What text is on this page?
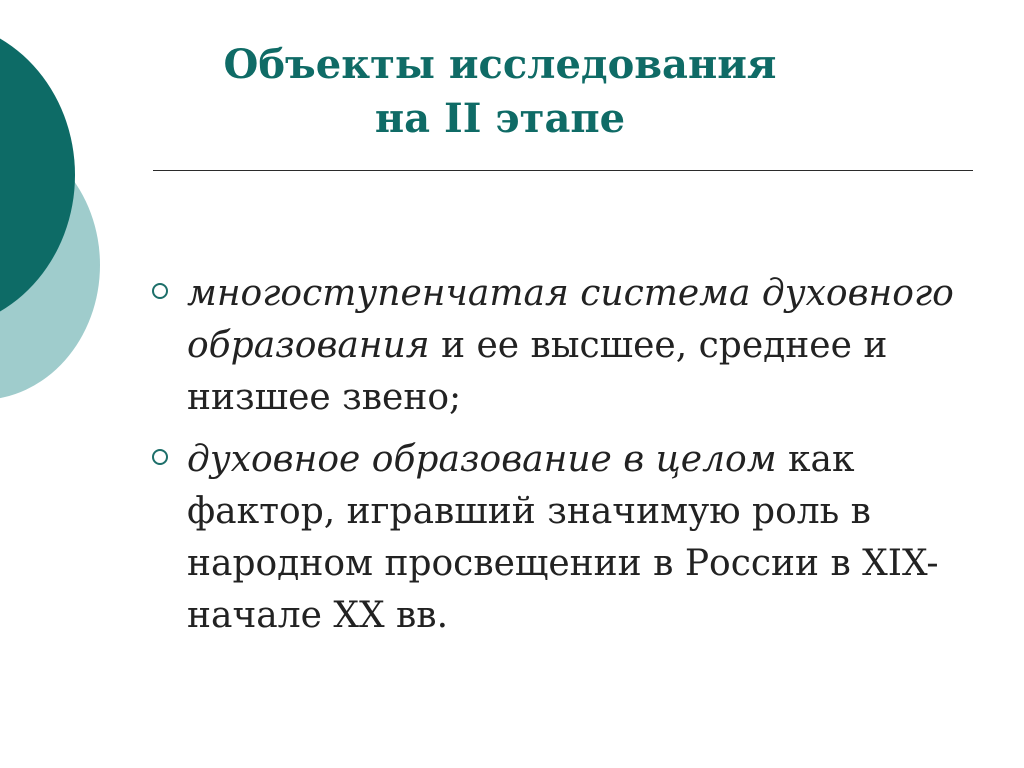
Объекты исследования
на II этапе
многоступенчатая система духовного образования и ее высшее, среднее и низшее звено;
духовное образование в целом как фактор, игравший значимую роль в народном просвещении в России в XIX-начале XX вв.
